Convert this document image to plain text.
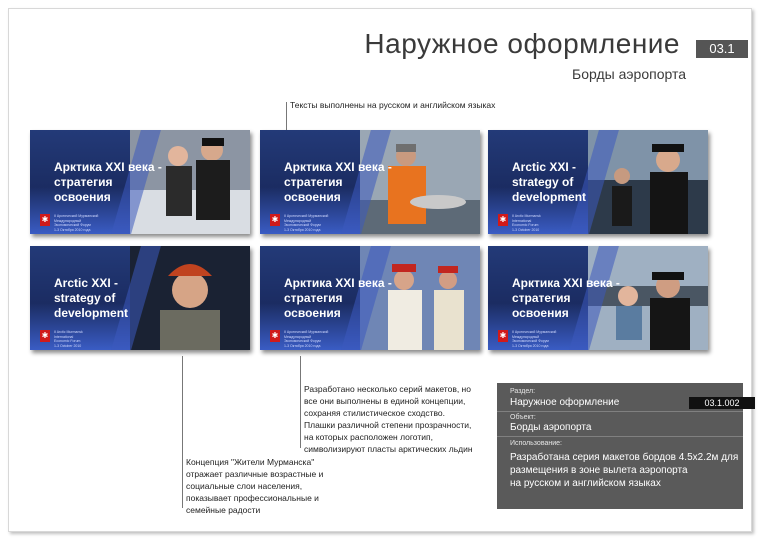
Наружное оформление	03.1
Борды аэропорта
Тексты выполнены на русском и английском языках
Арктика XXI века -
стратегия
освоения
✱	II Арктический Мурманский
Международный
Экономический Форум
1-3 Октября 2010 года
Арктика XXI века -
стратегия
освоения
✱	II Арктический Мурманский
Международный
Экономический Форум
1-3 Октября 2010 года
Arctic XXI -
strategy of
development
✱	II Arctic Murmansk
International
Economic Forum
1-3 October 2010
Arctic XXI -
strategy of
development
✱	II Arctic Murmansk
International
Economic Forum
1-3 October 2010
Арктика XXI века -
стратегия
освоения
✱	II Арктический Мурманский
Международный
Экономический Форум
1-3 Октября 2010 года
Арктика XXI века -
стратегия
освоения
✱	II Арктический Мурманский
Международный
Экономический Форум
1-3 Октября 2010 года
Разработано несколько серий макетов, но
все они выполнены в единой концепции,
сохраняя стилистическое сходство.
Плашки различной степени прозрачности,
на которых расположен логотип,
символизируют пласты арктических льдин
Концепция "Жители Мурманска"
отражает различные возрастные и
социальные слои населения,
показывает профессиональные и
семейные радости
Раздел:
Наружное оформление	03.1.002
Объект:
Борды аэропорта
Использование:
Разработана серия макетов бордов 4.5x2.2м для
размещения в зоне вылета аэропорта
на русском и английском языках
